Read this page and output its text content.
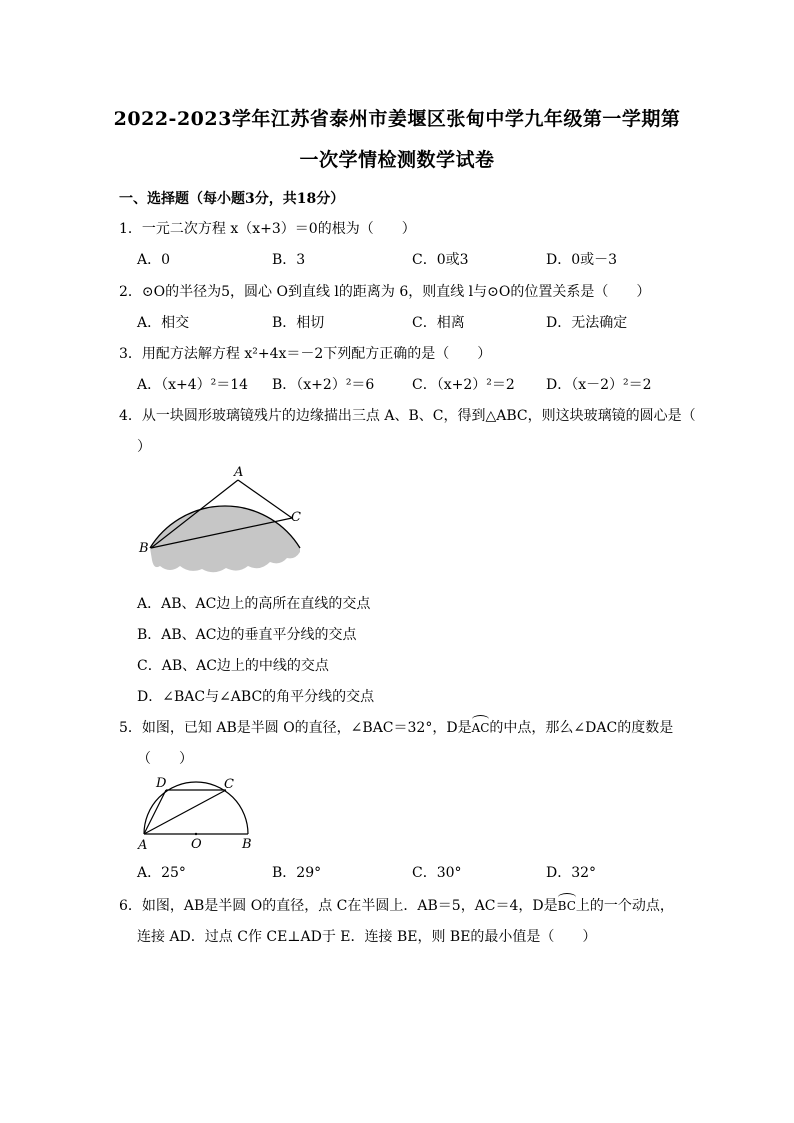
2022-2023学年江苏省泰州市姜堰区张甸中学九年级第一学期第
一次学情检测数学试卷
一、选择题（每小题3分，共18分）
1．一元二次方程 x（x+3）＝0的根为（　　）
A．0	B．3	C．0或3	D．0或－3
2．⊙O的半径为5，圆心 O到直线 l的距离为 6，则直线 l与⊙O的位置关系是（　　）
A．相交	B．相切	C．相离	D．无法确定
3．用配方法解方程 x²+4x＝－2下列配方正确的是（　　）
A．（x+4）²＝14 B．（x+2）²＝6	C．（x+2）²＝2 D．（x－2）²＝2
4．从一块圆形玻璃镜残片的边缘描出三点 A、B、C，得到△ABC，则这块玻璃镜的圆心是（
）
A
B
C
A．AB、AC边上的高所在直线的交点
B．AB、AC边的垂直平分线的交点
C．AB、AC边上的中线的交点
D．∠BAC与∠ABC的角平分线的交点
5．如图，已知 AB是半圆 O的直径，∠BAC＝32°，D是
AC的中点，那么∠DAC的度数是
（　　）
D	C
A	O	B
A．25°	B．29°	C．30°	D．32°
6．如图，AB是半圆 O的直径，点 C在半圆上．AB＝5，AC＝4，D是
BC上的一个动点，
连接 AD．过点 C作 CE⊥AD于 E．连接 BE，则 BE的最小值是（　　）
